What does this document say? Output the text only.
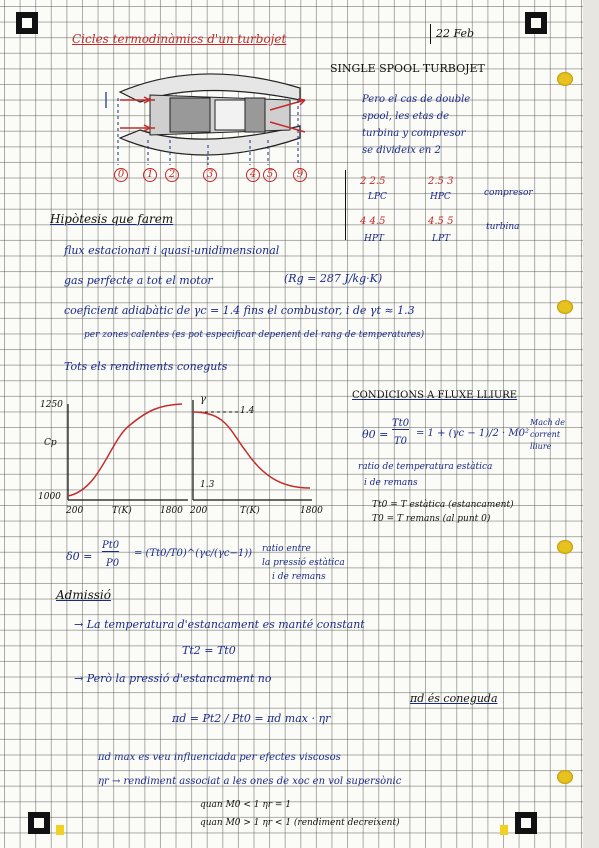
Cicles termodinàmics d'un turbojet	22 Feb
0	1	2	3	4	5	9
SINGLE SPOOL TURBOJET
Pero el cas de double
spool, les etas de
turbina y compresor
se divideix en 2
2 2.5
LPC
2.5 3
HPC	compresor
4 4.5
HPT
4.5 5
LPT
turbina
Hipòtesis que farem
flux estacionari i quasi-unidimensional
gas perfecte a tot el motor	(Rg = 287 J/kg·K)
coeficient adiabàtic de γc = 1.4 fins el combustor, i de γt ≈ 1.3
per zones calentes (es pot especificar depenent del rang de temperatures)
Tots els rendiments coneguts
Cp
1250
1000
200	T(K)	1800
γ
1.4
1.3
200	T(K)	1800
CONDICIONS A FLUXE LLIURE
θ0 =
Tt0
T0
= 1 + (γc − 1)/2 · M0²
Mach de
corrent
lliure
ratio de temperatura estàtica
i de remans
Tt0 = T estàtica (estancament)
T0 = T remans (al punt 0)
δ0 =
Pt0
P0
= (Tt0/T0)^(γc/(γc−1)) ratio entre
la pressió estàtica
i de remans
Admissió
→ La temperatura d'estancament es manté constant
Tt2 = Tt0
→ Però la pressió d'estancament no
πd és coneguda
πd = Pt2 / Pt0 = πd max · ηr
πd max es veu influenciada per efectes viscosos
ηr → rendiment associat a les ones de xoc en vol supersònic
quan M0 < 1 ηr = 1
quan M0 > 1 ηr < 1 (rendiment decreixent)
